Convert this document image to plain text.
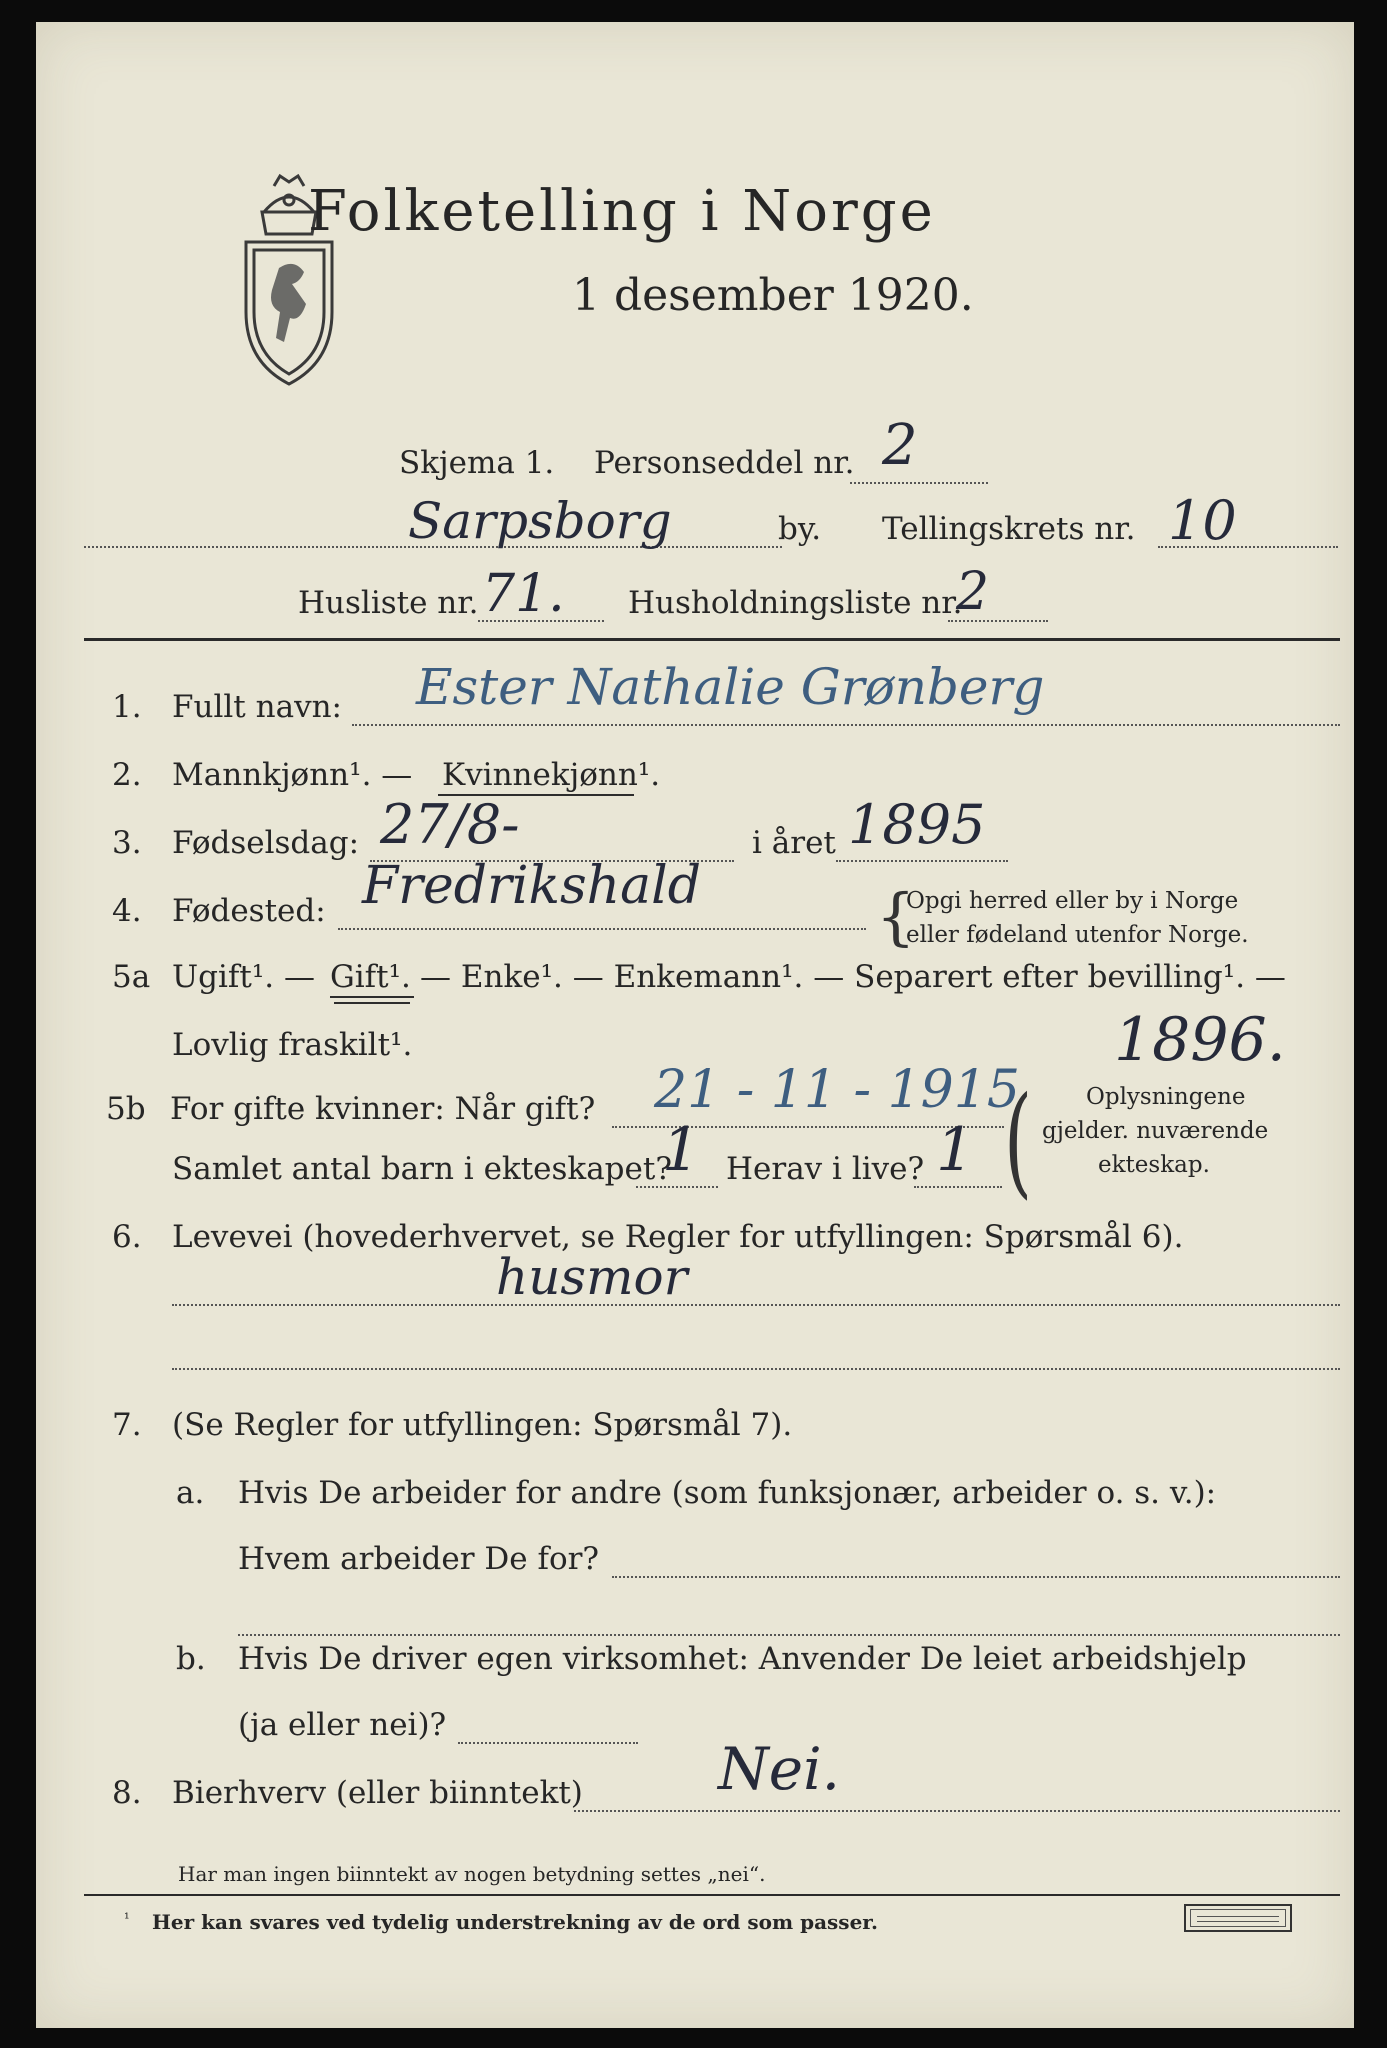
Folketelling i Norge
1 desember 1920.
Skjema 1. Personseddel nr. 2
Sarpsborg	by. Tellingskrets nr. 10
Husliste nr. 71. Husholdningsliste nr.
2
1. Fullt navn: Ester Nathalie Grønberg
2. Mannkjønn¹. — Kvinnekjønn¹.
3. Fødselsdag: 27/8-	i året 1895
4. Fødested: Fredrikshald	{
Opgi herred eller by i Norge
eller fødeland utenfor Norge.
5a Ugift¹. — Gift¹. — Enke¹. — Enkemann¹. — Separert efter bevilling¹. —
Lovlig fraskilt¹.	1896.
5b For gifte kvinner: Når gift? 21 - 11 - 1915
( Oplysningene
gjelder. nuværende
ekteskap.
Samlet antal barn i ekteskapet?
1 Herav i live? 1
6. Levevei (hovederhvervet, se Regler for utfyllingen: Spørsmål 6).
husmor
7. (Se Regler for utfyllingen: Spørsmål 7).
a. Hvis De arbeider for andre (som funksjonær, arbeider o. s. v.):
Hvem arbeider De for?
b. Hvis De driver egen virksomhet: Anvender De leiet arbeidshjelp
(ja eller nei)?
8. Bierhverv (eller biinntekt) Nei.
Har man ingen biinntekt av nogen betydning settes „nei“.
¹ Her kan svares ved tydelig understrekning av de ord som passer.
